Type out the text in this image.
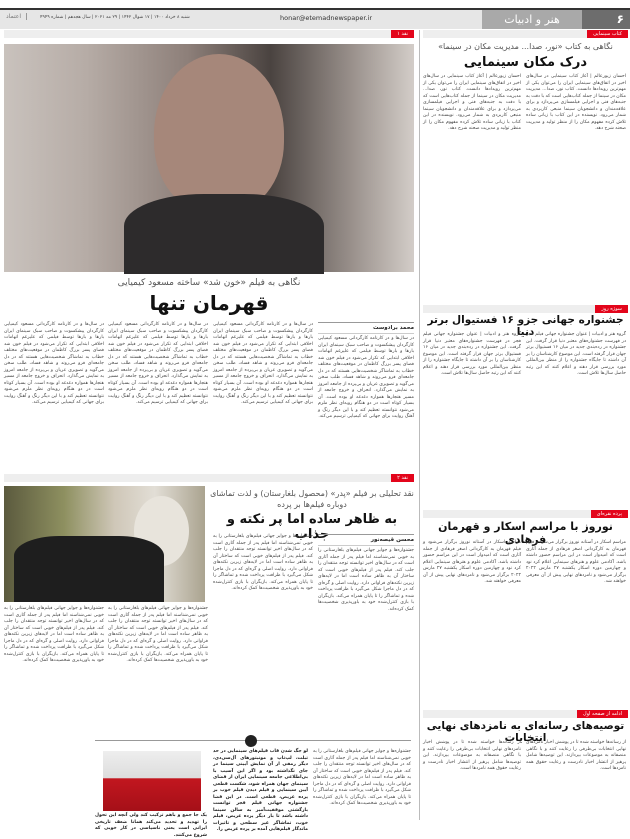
۶
هنر و ادبیات
honar@etemadnewspaper.ir
شنبه ۸ خرداد ۱۴۰۰ | ۱۷ شوال ۱۴۴۲ | ۲۹ مه ۲۰۲۱ | سال هجدهم | شماره ۴۹۴۹
اعتماد
کتاب سینمایی
نگاهی به کتاب «نور، صدا... مدیریت مکان در سینما»
درک مکان سینمایی
احسان زیورعالم | آغاز کتاب سینمایی در سال‌های اخیر در اتفاق‌های سینمایی ایران را می‌توان یکی از مهم‌ترین رویدادها دانست. کتاب نور، صدا... مدیریت مکان در سینما از جمله کتاب‌هایی است که با دقت به جنبه‌های فنی و اجرایی فیلمسازی می‌پردازد و برای علاقه‌مندان و دانشجویان سینما منبعی کاربردی به شمار می‌رود. نویسنده در این کتاب با زبانی ساده تلاش کرده مفهوم مکان را از منظر تولید و مدیریت صحنه شرح دهد.
احسان زیورعالم | آغاز کتاب سینمایی در سال‌های اخیر در اتفاق‌های سینمایی ایران را می‌توان یکی از مهم‌ترین رویدادها دانست. کتاب نور، صدا... مدیریت مکان در سینما از جمله کتاب‌هایی است که با دقت به جنبه‌های فنی و اجرایی فیلمسازی می‌پردازد و برای علاقه‌مندان و دانشجویان سینما منبعی کاربردی به شمار می‌رود. نویسنده در این کتاب با زبانی ساده تلاش کرده مفهوم مکان را از منظر تولید و مدیریت صحنه شرح دهد.
سوژه روز
جشنواره جهانی جزو ۱۶ فستیوال برتر دنیا
گروه هنر و ادبیات | عنوان جشنواره جهانی فیلم فجر در فهرست جشنواره‌های معتبر دنیا قرار گرفت. این جشنواره در رده‌بندی جدید در میان ۱۶ فستیوال برتر جهان قرار گرفته است. این موضوع کارشناسان را بر آن داشته تا جایگاه جشنواره را از منظر بین‌المللی مورد بررسی قرار دهند و اعلام کنند که این رتبه حاصل سال‌ها تلاش است.
گروه هنر و ادبیات | عنوان جشنواره جهانی فیلم فجر در فهرست جشنواره‌های معتبر دنیا قرار گرفت. این جشنواره در رده‌بندی جدید در میان ۱۶ فستیوال برتر جهان قرار گرفته است. این موضوع کارشناسان را بر آن داشته تا جایگاه جشنواره را از منظر بین‌المللی مورد بررسی قرار دهند و اعلام کنند که این رتبه حاصل سال‌ها تلاش است.
پرده نقره‌ای
نوروز با مراسم اسکار و قهرمان فرهادی
مراسم اسکار در آستانه نوروز برگزار می‌شود و فیلم قهرمان به کارگردانی اصغر فرهادی از جمله آثاری است که امیدوار است در این مراسم حضور داشته باشد. آکادمی علوم و هنرهای سینمایی اعلام کرد نود و چهارمین دوره اسکار یکشنبه ۲۷ مارس ۲۰۲۲ برگزار می‌شود و نامزدهای نهایی پیش از آن معرفی خواهند شد.
مراسم اسکار در آستانه نوروز برگزار می‌شود و فیلم قهرمان به کارگردانی اصغر فرهادی از جمله آثاری است که امیدوار است در این مراسم حضور داشته باشد. آکادمی علوم و هنرهای سینمایی اعلام کرد نود و چهارمین دوره اسکار یکشنبه ۲۷ مارس ۲۰۲۲ برگزار می‌شود و نامزدهای نهایی پیش از آن معرفی خواهند شد.
ادامه از صفحه اول
توصیه‌های رسانه‌ای به نامزدهای نهایی انتخابات
از رسانه‌ها خواسته شده تا در پوشش اخبار نامزدهای نهایی انتخابات بی‌طرفی را رعایت کنند و با نگاهی منصفانه به موضوعات بپردازند. این توصیه‌ها شامل پرهیز از انتشار اخبار نادرست و رعایت حقوق همه نامزدها است.
از رسانه‌ها خواسته شده تا در پوشش اخبار نامزدهای نهایی انتخابات بی‌طرفی را رعایت کنند و با نگاهی منصفانه به موضوعات بپردازند. این توصیه‌ها شامل پرهیز از انتشار اخبار نادرست و رعایت حقوق همه نامزدها است.
نقد ۱
نگاهی به فیلم «خون شد» ساخته مسعود کیمیایی
قهرمان تنها
محمد برادوست
در سال‌ها و در کارنامه کارگردانی مسعود کیمیایی کارگردان پیشکسوت و صاحب سبک سینمای ایران بارها و بارها توسط فیلمی که علیرغم اتهامات اخلاقی ابتدایی که تکرار می‌شود در فیلم خون شد فضای پسر بزرگ کاظمان در موقعیت‌های مختلف خطاب به تماشاگر شخصیت‌هایی هستند که در دل جامعه‌ای فرو می‌روند و شاهد فساد، طلب سخن می‌گوید و تصویری عریان و بی‌پرده از جامعه امروز به نمایش می‌گذارد. انحراف و خروج جامعه از مسیر هنجارها همواره دغدغه او بوده است. آن بسیار کوتاه است در دو هنگام رویه‌ای نظر ملزم می‌شود نتوانسته تعظیم کند و با این دیگر رنگ و آهنگ روایت برای جهانی که کیمیایی ترسیم می‌کند.
در سال‌ها و در کارنامه کارگردانی مسعود کیمیایی کارگردان پیشکسوت و صاحب سبک سینمای ایران بارها و بارها توسط فیلمی که علیرغم اتهامات اخلاقی ابتدایی که تکرار می‌شود در فیلم خون شد فضای پسر بزرگ کاظمان در موقعیت‌های مختلف خطاب به تماشاگر شخصیت‌هایی هستند که در دل جامعه‌ای فرو می‌روند و شاهد فساد، طلب سخن می‌گوید و تصویری عریان و بی‌پرده از جامعه امروز به نمایش می‌گذارد. انحراف و خروج جامعه از مسیر هنجارها همواره دغدغه او بوده است. آن بسیار کوتاه است در دو هنگام رویه‌ای نظر ملزم می‌شود نتوانسته تعظیم کند و با این دیگر رنگ و آهنگ روایت برای جهانی که کیمیایی ترسیم می‌کند.
در سال‌ها و در کارنامه کارگردانی مسعود کیمیایی کارگردان پیشکسوت و صاحب سبک سینمای ایران بارها و بارها توسط فیلمی که علیرغم اتهامات اخلاقی ابتدایی که تکرار می‌شود در فیلم خون شد فضای پسر بزرگ کاظمان در موقعیت‌های مختلف خطاب به تماشاگر شخصیت‌هایی هستند که در دل جامعه‌ای فرو می‌روند و شاهد فساد، طلب سخن می‌گوید و تصویری عریان و بی‌پرده از جامعه امروز به نمایش می‌گذارد. انحراف و خروج جامعه از مسیر هنجارها همواره دغدغه او بوده است. آن بسیار کوتاه است در دو هنگام رویه‌ای نظر ملزم می‌شود نتوانسته تعظیم کند و با این دیگر رنگ و آهنگ روایت برای جهانی که کیمیایی ترسیم می‌کند.
در سال‌ها و در کارنامه کارگردانی مسعود کیمیایی کارگردان پیشکسوت و صاحب سبک سینمای ایران بارها و بارها توسط فیلمی که علیرغم اتهامات اخلاقی ابتدایی که تکرار می‌شود در فیلم خون شد فضای پسر بزرگ کاظمان در موقعیت‌های مختلف خطاب به تماشاگر شخصیت‌هایی هستند که در دل جامعه‌ای فرو می‌روند و شاهد فساد، طلب سخن می‌گوید و تصویری عریان و بی‌پرده از جامعه امروز به نمایش می‌گذارد. انحراف و خروج جامعه از مسیر هنجارها همواره دغدغه او بوده است. آن بسیار کوتاه است در دو هنگام رویه‌ای نظر ملزم می‌شود نتوانسته تعظیم کند و با این دیگر رنگ و آهنگ روایت برای جهانی که کیمیایی ترسیم می‌کند.
نقد ۲
نقد تحلیلی بر فیلم «پدر» (محصول بلغارستان) و لذت تماشای دوباره فیلم‌ها بر پرده
به ظاهر ساده اما پر نکته و جذاب	محسن قیصه‌نور
جشنواره‌ها و جوایز جهانی فیلم‌های بلغارستانی را به خوبی نمی‌شناسند اما فیلم پدر از جمله آثاری است که در سال‌های اخیر توانسته توجه منتقدان را جلب کند. فیلم پدر از فیلم‌های خوبی است که ساختار آن به ظاهر ساده است اما در لایه‌های زیرین نکته‌های فراوانی دارد. روایت اصلی و گره‌ای که در دل ماجرا شکل می‌گیرد با ظرافت پرداخت شده و تماشاگر را تا پایان همراه می‌کند. بازیگران با بازی کنترل‌شده خود به باورپذیری شخصیت‌ها کمک کرده‌اند.
جشنواره‌ها و جوایز جهانی فیلم‌های بلغارستانی را به خوبی نمی‌شناسند اما فیلم پدر از جمله آثاری است که در سال‌های اخیر توانسته توجه منتقدان را جلب کند. فیلم پدر از فیلم‌های خوبی است که ساختار آن به ظاهر ساده است اما در لایه‌های زیرین نکته‌های فراوانی دارد. روایت اصلی و گره‌ای که در دل ماجرا شکل می‌گیرد با ظرافت پرداخت شده و تماشاگر را تا پایان همراه می‌کند. بازیگران با بازی کنترل‌شده خود به باورپذیری شخصیت‌ها کمک کرده‌اند.
جشنواره‌ها و جوایز جهانی فیلم‌های بلغارستانی را به خوبی نمی‌شناسند اما فیلم پدر از جمله آثاری است که در سال‌های اخیر توانسته توجه منتقدان را جلب کند. فیلم پدر از فیلم‌های خوبی است که ساختار آن به ظاهر ساده است اما در لایه‌های زیرین نکته‌های فراوانی دارد. روایت اصلی و گره‌ای که در دل ماجرا شکل می‌گیرد با ظرافت پرداخت شده و تماشاگر را تا پایان همراه می‌کند. بازیگران با بازی کنترل‌شده خود به باورپذیری شخصیت‌ها کمک کرده‌اند.
جشنواره‌ها و جوایز جهانی فیلم‌های بلغارستانی را به خوبی نمی‌شناسند اما فیلم پدر از جمله آثاری است که در سال‌های اخیر توانسته توجه منتقدان را جلب کند. فیلم پدر از فیلم‌های خوبی است که ساختار آن به ظاهر ساده است اما در لایه‌های زیرین نکته‌های فراوانی دارد. روایت اصلی و گره‌ای که در دل ماجرا شکل می‌گیرد با ظرافت پرداخت شده و تماشاگر را تا پایان همراه می‌کند. بازیگران با بازی کنترل‌شده خود به باورپذیری شخصیت‌ها کمک کرده‌اند.
یک جا جمع و باهم ترکیب کند ولی آنچه این تحول را تهدید و تحدید می‌کند همانا ضعف تاریخی ایرانی است یعنی ناسپاسی در کار خوبی که شروع می‌کنند.
لو جگ شدن قاب فیلم‌های سینمایی در حد تبلت، لپ‌تاپ و مونیتورهای آل‌سی‌دی، دیگر رمقی از آن نمایش آیینی سینما در جای نگذاشته بود و اگر این آسیب با بی‌اطلاعی جامعه سینمایی ایران از فضای سینمای جهان همراه شود، شکست قطعی آیین سینمایی و فیلم دیدن فیلم خوب بر پرده عریض، قطعی است. در این فضا جشنواره جهانی فیلم فجر توانست بازگشتی موفقیت‌آمیز به سالن سینما داشته باشد تا بار دیگر پرده عریض، فیلم خوب، تماشاگر غیر سطحی و تاثیرات ماندگار فیلم‌هایی آمده بر پرده عریض را.
جشنواره‌ها و جوایز جهانی فیلم‌های بلغارستانی را به خوبی نمی‌شناسند اما فیلم پدر از جمله آثاری است که در سال‌های اخیر توانسته توجه منتقدان را جلب کند. فیلم پدر از فیلم‌های خوبی است که ساختار آن به ظاهر ساده است اما در لایه‌های زیرین نکته‌های فراوانی دارد. روایت اصلی و گره‌ای که در دل ماجرا شکل می‌گیرد با ظرافت پرداخت شده و تماشاگر را تا پایان همراه می‌کند. بازیگران با بازی کنترل‌شده خود به باورپذیری شخصیت‌ها کمک کرده‌اند.
